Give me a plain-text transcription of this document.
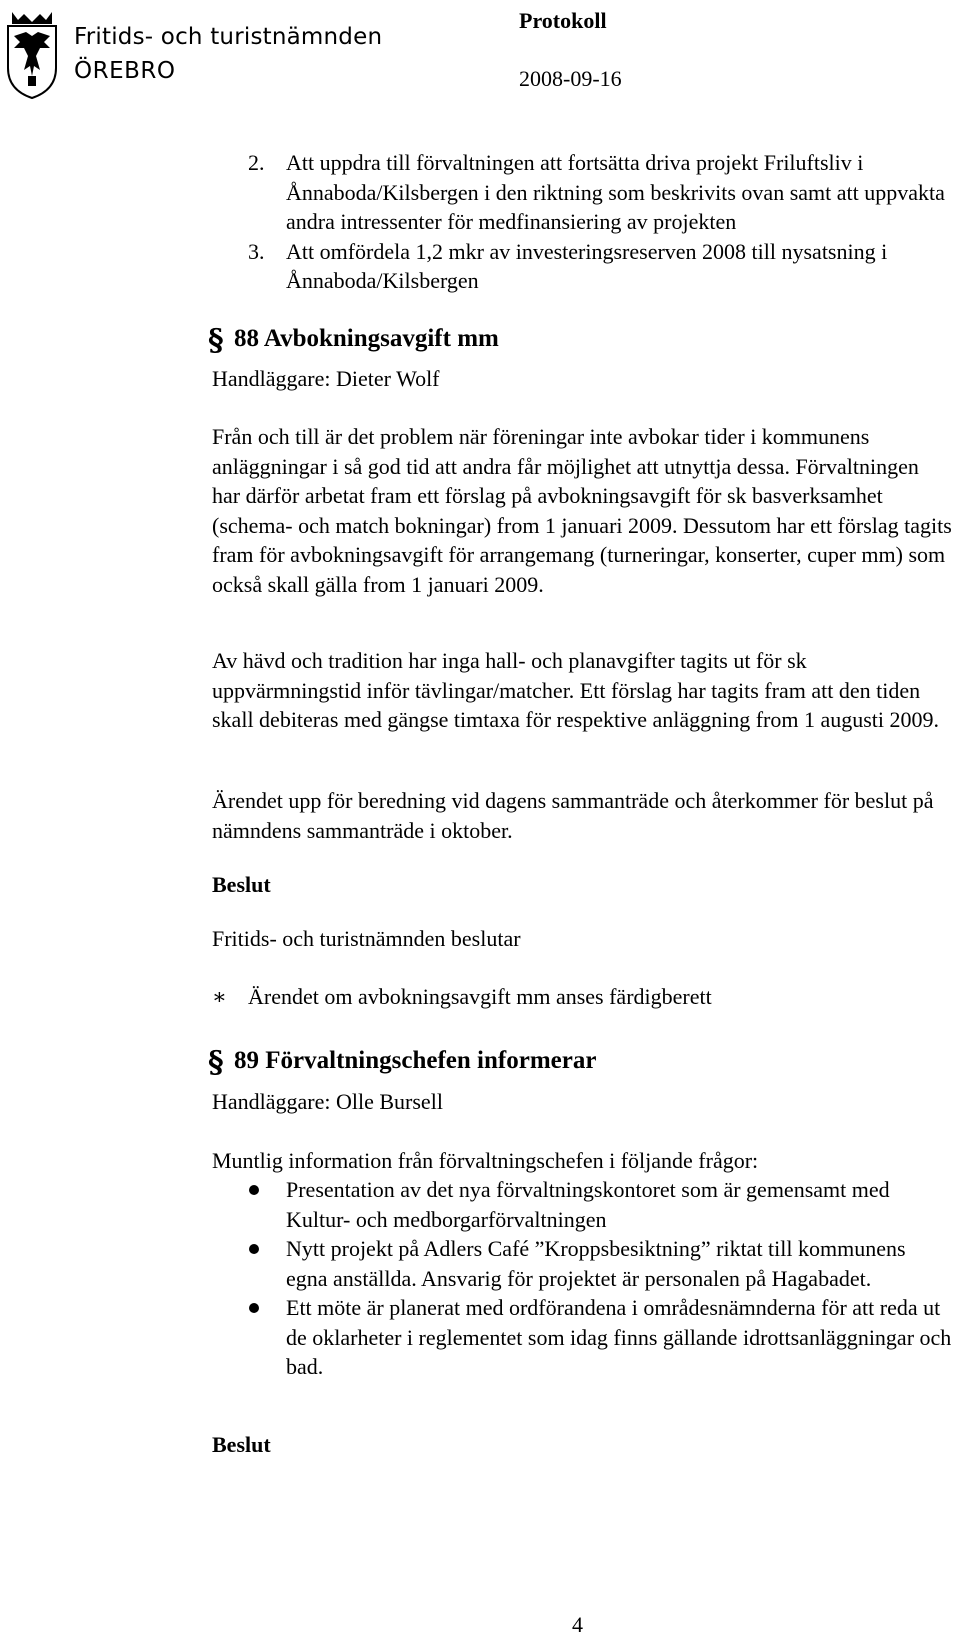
Fritids- och turistnämnden
ÖREBRO
Protokoll
2008-09-16
2. Att uppdra till förvaltningen att fortsätta driva projekt Friluftsliv i Ånnaboda/Kilsbergen i den riktning som beskrivits ovan samt att uppvakta andra intressenter för medfinansiering av projekten
3. Att omfördela 1,2 mkr av investeringsreserven 2008 till nysatsning i Ånnaboda/Kilsbergen
§ 88 Avbokningsavgift mm
Handläggare: Dieter Wolf

Från och till är det problem när föreningar inte avbokar tider i kommunens anläggningar i så god tid att andra får möjlighet att utnyttja dessa. Förvaltningen har därför arbetat fram ett förslag på avbokningsavgift för sk basverksamhet (schema- och match bokningar) from 1 januari 2009. Dessutom har ett förslag tagits fram för avbokningsavgift för arrangemang (turneringar, konserter, cuper mm) som också skall gälla from 1 januari 2009.

Av hävd och tradition har inga hall- och planavgifter tagits ut för sk uppvärmningstid inför tävlingar/matcher. Ett förslag har tagits fram att den tiden skall debiteras med gängse timtaxa för respektive anläggning from 1 augusti 2009.

Ärendet upp för beredning vid dagens sammanträde och återkommer för beslut på nämndens sammanträde i oktober.

Beslut
Fritids- och turistnämnden beslutar
∗ Ärendet om avbokningsavgift mm anses färdigberett
§ 89 Förvaltningschefen informerar
Handläggare: Olle Bursell
Muntlig information från förvaltningschefen i följande frågor:
Presentation av det nya förvaltningskontoret som är gemensamt med Kultur- och medborgarförvaltningen
Nytt projekt på Adlers Café ”Kroppsbesiktning” riktat till kommunens egna anställda. Ansvarig för projektet är personalen på Hagabadet.
Ett möte är planerat med ordförandena i områdesnämnderna för att reda ut de oklarheter i reglementet som idag finns gällande idrottsanläggningar och bad.
Beslut
4
